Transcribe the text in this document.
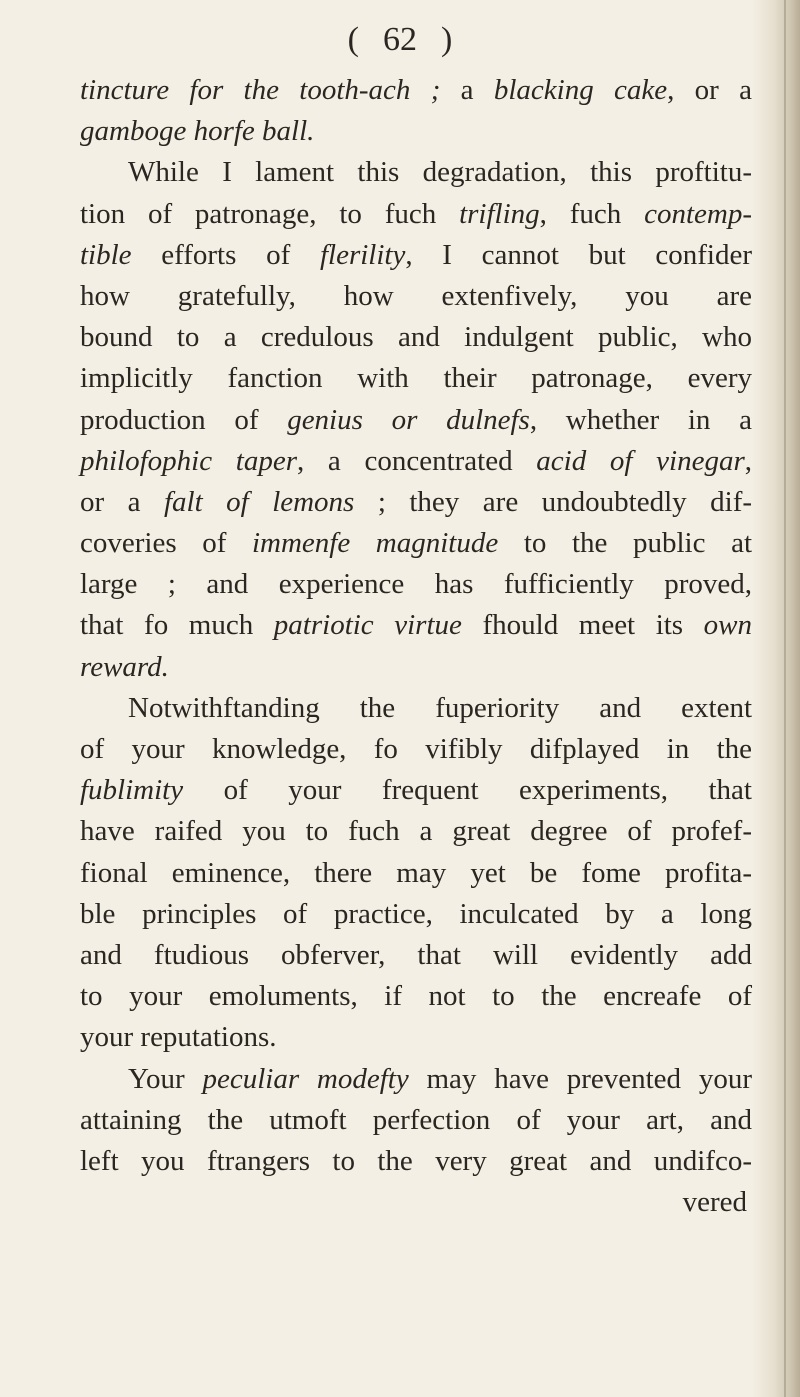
( 62 )
tincture for the tooth-ach ; a blacking cake, or a
gamboge horfe ball.
While I lament this degradation, this proftitu-
tion of patronage, to fuch trifling, fuch contemp-
tible efforts of flerility, I cannot but confider
how gratefully, how extenfively, you are
bound to a credulous and indulgent public, who
implicitly fanction with their patronage, every
production of genius or dulnefs, whether in a
philofophic taper, a concentrated acid of vinegar,
or a falt of lemons ; they are undoubtedly dif-
coveries of immenfe magnitude to the public at
large ; and experience has fufficiently proved,
that fo much patriotic virtue fhould meet its own
reward.
Notwithftanding the fuperiority and extent
of your knowledge, fo vifibly difplayed in the
fublimity of your frequent experiments, that
have raifed you to fuch a great degree of profef-
fional eminence, there may yet be fome profita-
ble principles of practice, inculcated by a long
and ftudious obferver, that will evidently add
to your emoluments, if not to the encreafe of
your reputations.
Your peculiar modefty may have prevented your
attaining the utmoft perfection of your art, and
left you ftrangers to the very great and undifco-
vered
